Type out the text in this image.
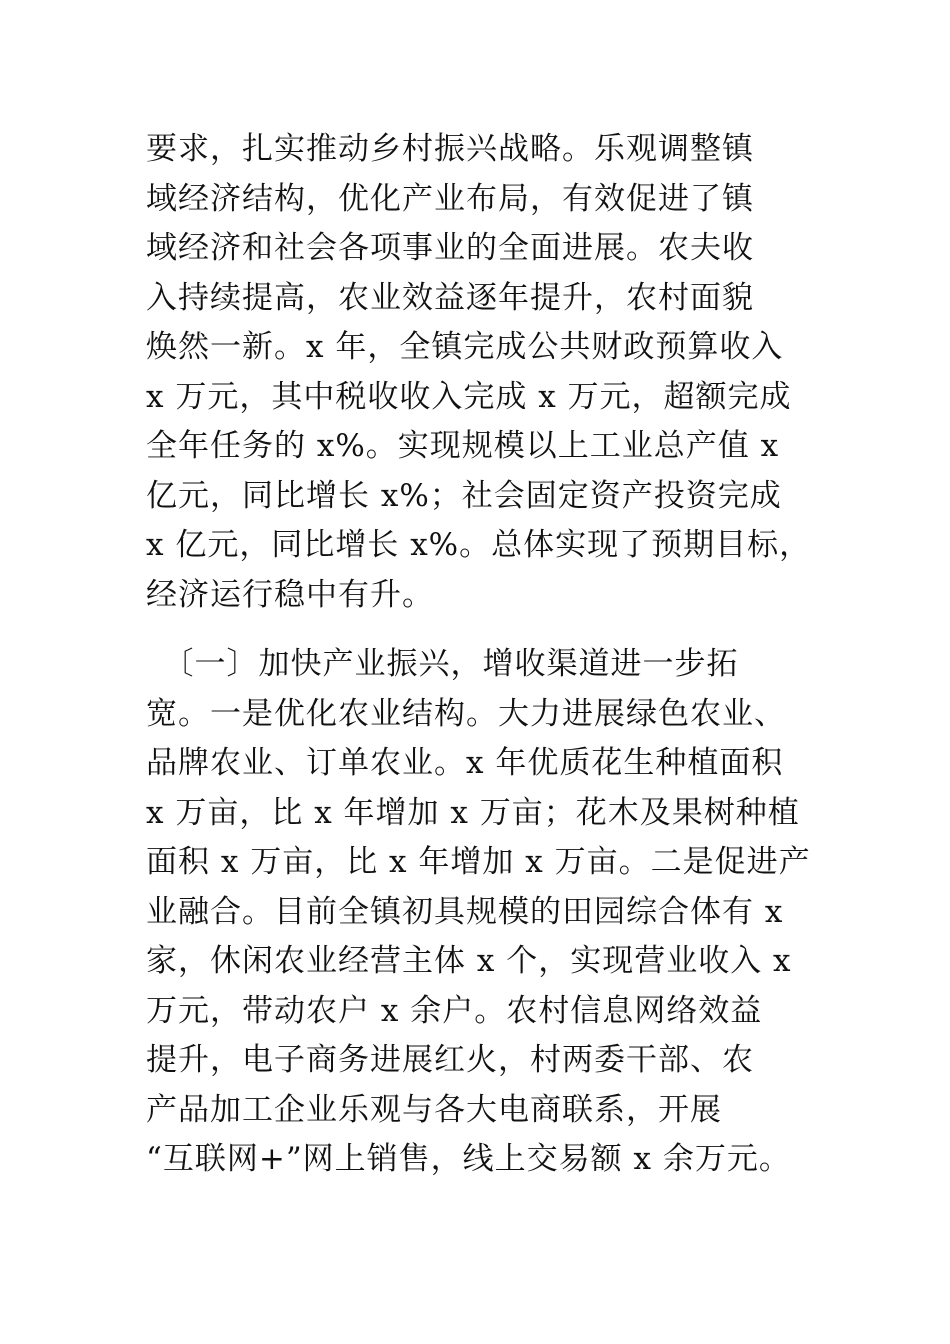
要求，扎实推动乡村振兴战略。乐观调整镇
域经济结构，优化产业布局，有效促进了镇
域经济和社会各项事业的全面进展。农夫收
入持续提高，农业效益逐年提升，农村面貌
焕然一新。x 年，全镇完成公共财政预算收入
x 万元，其中税收收入完成 x 万元，超额完成
全年任务的 x%。实现规模以上工业总产值 x
亿元，同比增长 x%；社会固定资产投资完成
x 亿元，同比增长 x%。总体实现了预期目标，
经济运行稳中有升。
　〔一〕加快产业振兴，增收渠道进一步拓
宽。一是优化农业结构。大力进展绿色农业、
品牌农业、订单农业。x 年优质花生种植面积
x 万亩，比 x 年增加 x 万亩；花木及果树种植
面积 x 万亩，比 x 年增加 x 万亩。二是促进产
业融合。目前全镇初具规模的田园综合体有 x
家，休闲农业经营主体 x 个，实现营业收入 x
万元，带动农户 x 余户。农村信息网络效益
提升，电子商务进展红火，村两委干部、农
产品加工企业乐观与各大电商联系，开展
“互联网+”网上销售，线上交易额 x 余万元。
